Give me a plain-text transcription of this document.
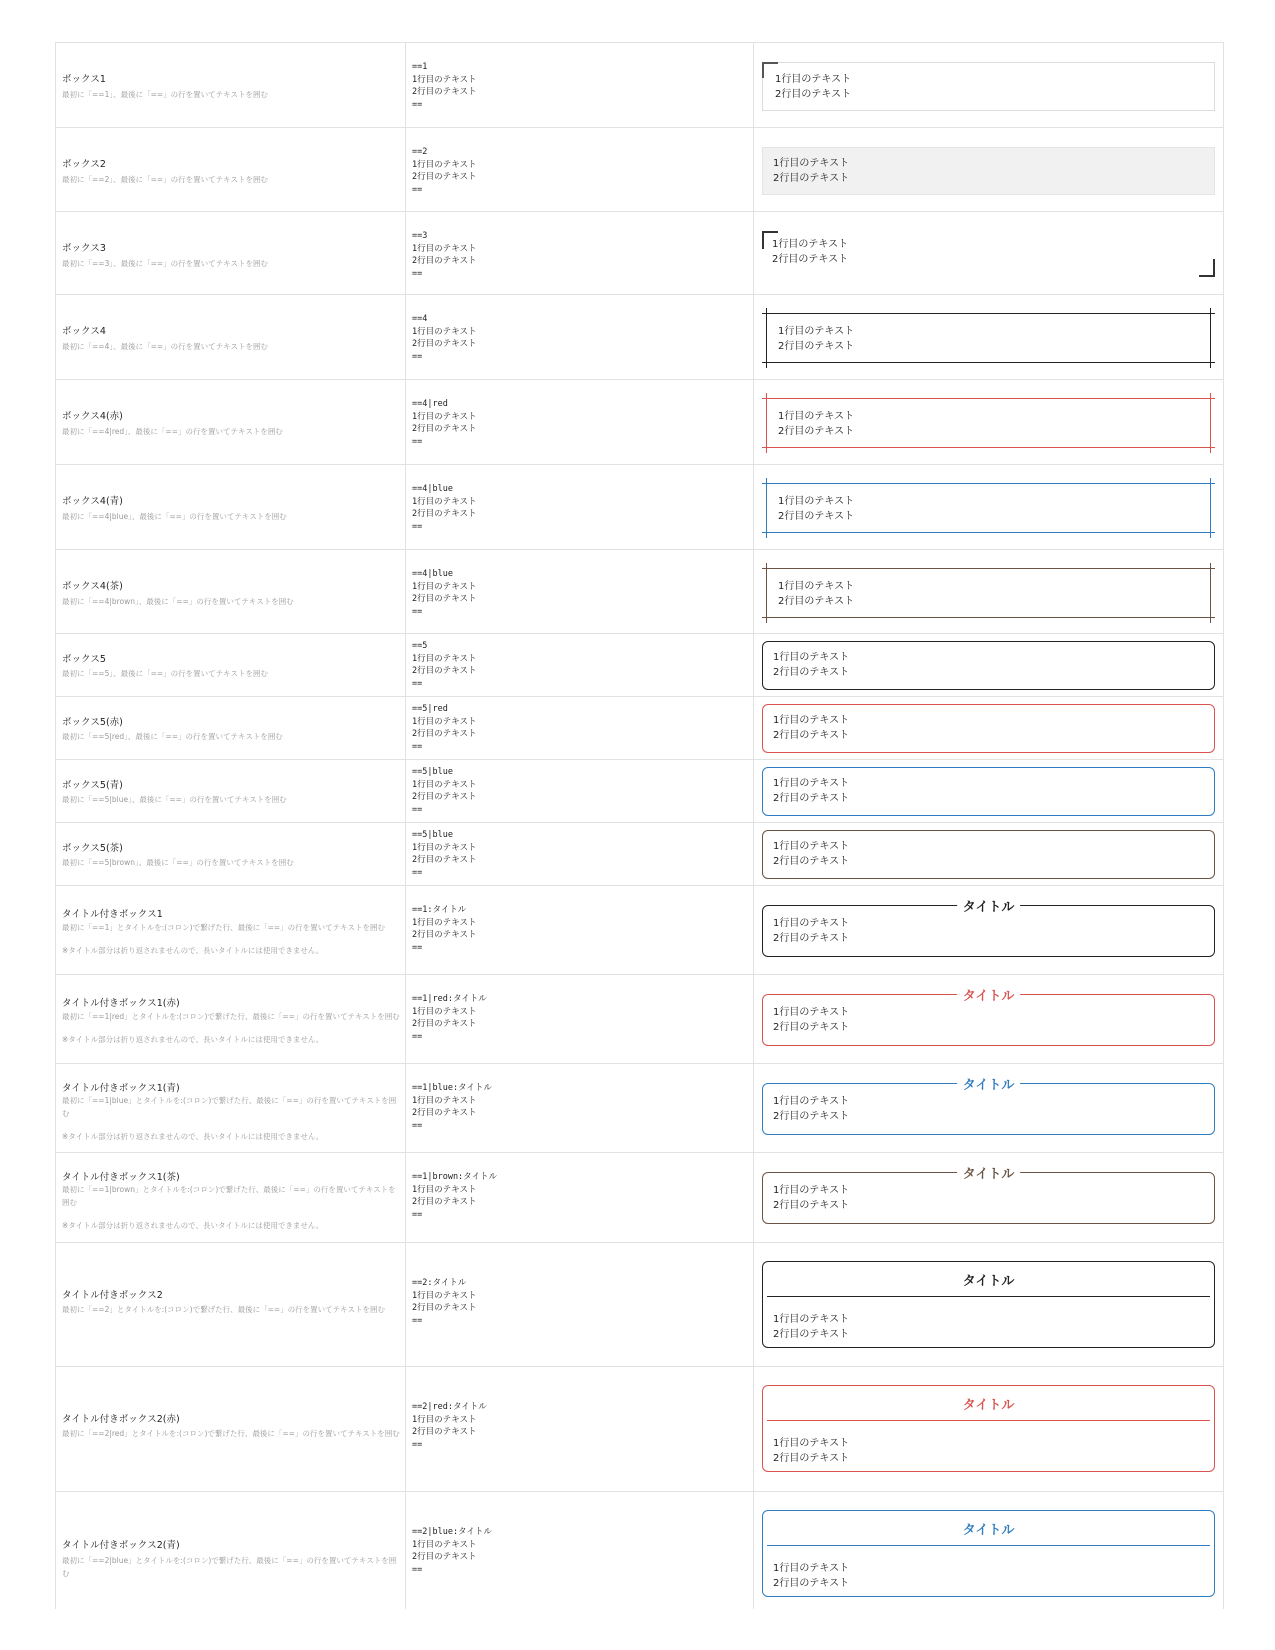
ボックス1
最初に「==1」、最後に「==」の行を置いてテキストを囲む
==1
1行目のテキスト
2行目のテキスト
==
1行目のテキスト
2行目のテキスト
ボックス2
最初に「==2」、最後に「==」の行を置いてテキストを囲む
==2
1行目のテキスト
2行目のテキスト
==
1行目のテキスト
2行目のテキスト
ボックス3
最初に「==3」、最後に「==」の行を置いてテキストを囲む
==3
1行目のテキスト
2行目のテキスト
==
1行目のテキスト
2行目のテキスト
ボックス4
最初に「==4」、最後に「==」の行を置いてテキストを囲む
==4
1行目のテキスト
2行目のテキスト
==
1行目のテキスト
2行目のテキスト
ボックス4(赤)
最初に「==4|red」、最後に「==」の行を置いてテキストを囲む
==4|red
1行目のテキスト
2行目のテキスト
==
1行目のテキスト
2行目のテキスト
ボックス4(青)
最初に「==4|blue」、最後に「==」の行を置いてテキストを囲む
==4|blue
1行目のテキスト
2行目のテキスト
==
1行目のテキスト
2行目のテキスト
ボックス4(茶)
最初に「==4|brown」、最後に「==」の行を置いてテキストを囲む
==4|blue
1行目のテキスト
2行目のテキスト
==
1行目のテキスト
2行目のテキスト
ボックス5
最初に「==5」、最後に「==」の行を置いてテキストを囲む
==5
1行目のテキスト
2行目のテキスト
==
1行目のテキスト
2行目のテキスト
ボックス5(赤)
最初に「==5|red」、最後に「==」の行を置いてテキストを囲む
==5|red
1行目のテキスト
2行目のテキスト
==
1行目のテキスト
2行目のテキスト
ボックス5(青)
最初に「==5|blue」、最後に「==」の行を置いてテキストを囲む
==5|blue
1行目のテキスト
2行目のテキスト
==
1行目のテキスト
2行目のテキスト
ボックス5(茶)
最初に「==5|brown」、最後に「==」の行を置いてテキストを囲む
==5|blue
1行目のテキスト
2行目のテキスト
==
1行目のテキスト
2行目のテキスト
タイトル付きボックス1
最初に「==1」とタイトルを:(コロン)で繋げた行、最後に「==」の行を置いてテキストを囲む
※タイトル部分は折り返されませんので、長いタイトルには使用できません。
==1:タイトル
1行目のテキスト
2行目のテキスト
==
タイトル
1行目のテキスト
2行目のテキスト
タイトル付きボックス1(赤)
最初に「==1|red」とタイトルを:(コロン)で繋げた行、最後に「==」の行を置いてテキストを囲む
※タイトル部分は折り返されませんので、長いタイトルには使用できません。
==1|red:タイトル
1行目のテキスト
2行目のテキスト
==
タイトル
1行目のテキスト
2行目のテキスト
タイトル付きボックス1(青)
最初に「==1|blue」とタイトルを:(コロン)で繋げた行、最後に「==」の行を置いてテキストを囲む
※タイトル部分は折り返されませんので、長いタイトルには使用できません。
==1|blue:タイトル
1行目のテキスト
2行目のテキスト
==
タイトル
1行目のテキスト
2行目のテキスト
タイトル付きボックス1(茶)
最初に「==1|brown」とタイトルを:(コロン)で繋げた行、最後に「==」の行を置いてテキストを囲む
※タイトル部分は折り返されませんので、長いタイトルには使用できません。
==1|brown:タイトル
1行目のテキスト
2行目のテキスト
==
タイトル
1行目のテキスト
2行目のテキスト
タイトル付きボックス2
最初に「==2」とタイトルを:(コロン)で繋げた行、最後に「==」の行を置いてテキストを囲む
==2:タイトル
1行目のテキスト
2行目のテキスト
==
タイトル
1行目のテキスト
2行目のテキスト
タイトル付きボックス2(赤)
最初に「==2|red」とタイトルを:(コロン)で繋げた行、最後に「==」の行を置いてテキストを囲む
==2|red:タイトル
1行目のテキスト
2行目のテキスト
==
タイトル
1行目のテキスト
2行目のテキスト
タイトル付きボックス2(青)
最初に「==2|blue」とタイトルを:(コロン)で繋げた行、最後に「==」の行を置いてテキストを囲む
==2|blue:タイトル
1行目のテキスト
2行目のテキスト
==
タイトル
1行目のテキスト
2行目のテキスト
